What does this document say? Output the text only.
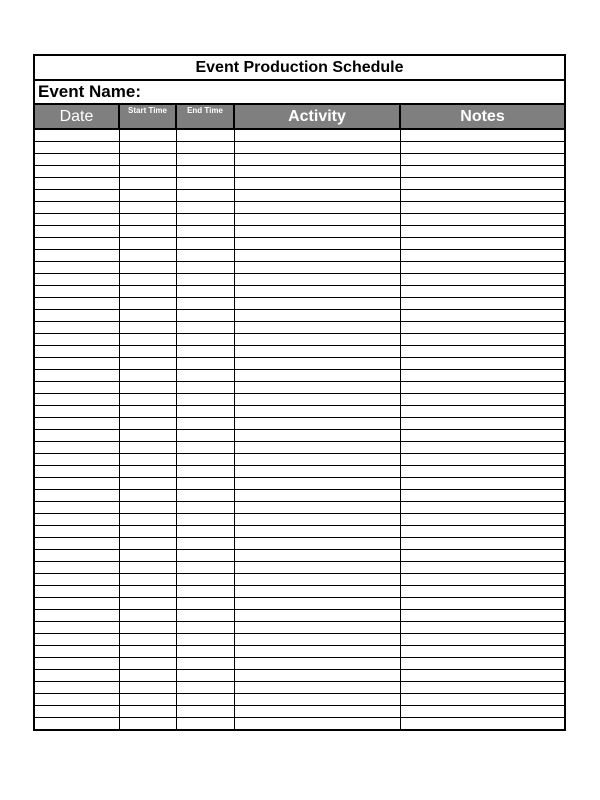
Event Production Schedule
Event Name:
Date	Start Time	End Time	Activity	Notes
